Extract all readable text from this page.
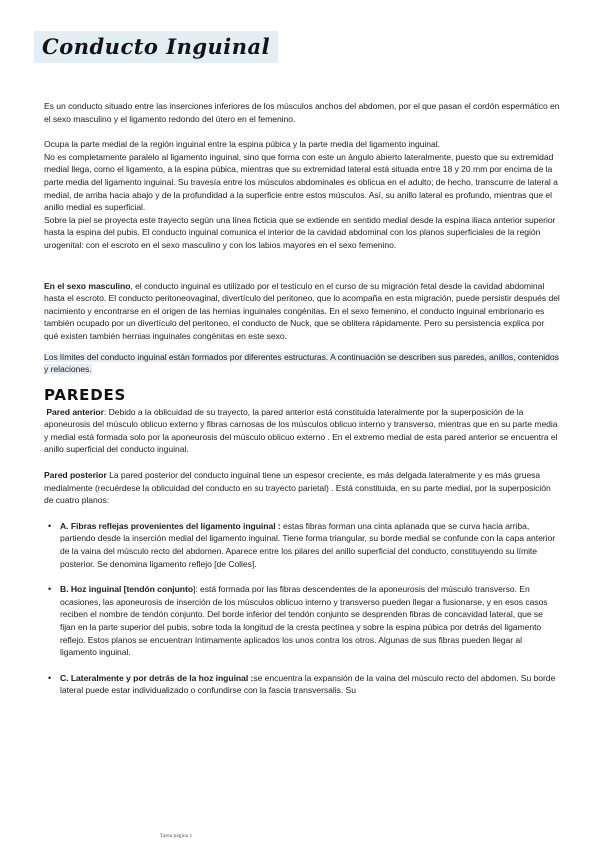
Conducto Inguinal

Es un conducto situado entre las inserciones inferiores de los músculos anchos del abdomen, por el que pasan el cordón espermático en el sexo masculino y el ligamento redondo del útero en el femenino.

Ocupa la parte medial de la región inguinal entre la espina púbica y la parte media del ligamento inguinal.

No es completamente paralelo al ligamento inguinal, sino que forma con este un ángulo abierto lateralmente, puesto que su extremidad medial llega, como el ligamento, a la espina púbica, mientras que su extremidad lateral está situada entre 18 y 20 mm por encima de la parte media del ligamento inguinal. Su travesía entre los músculos abdominales es oblicua en el adulto; de hecho, transcurre de lateral a medial, de arriba hacia abajo y de la profundidad a la superficie entre estos músculos. Así, su anillo lateral es profundo, mientras que el anillo medial es superficial.

Sobre la piel se proyecta este trayecto según una línea ficticia que se extiende en sentido medial desde la espina iliaca anterior superior hasta la espina del pubis. El conducto inguinal comunica el interior de la cavidad abdominal con los planos superficiales de la región urogenital: con el escroto en el sexo masculino y con los labios mayores en el sexo femenino.

En el sexo masculino, el conducto inguinal es utilizado por el testículo en el curso de su migración fetal desde la cavidad abdominal hasta el escroto. El conducto peritoneovaginal, divertículo del peritoneo, que lo acompaña en esta migración, puede persistir después del nacimiento y encontrarse en el origen de las hernias inguinales congénitas. En el sexo femenino, el conducto inguinal embrionario es también ocupado por un divertículo del peritoneo, el conducto de Nuck, que se oblitera rápidamente. Pero su persistencia explica por qué existen también hernias inguinales congénitas en este sexo.

Los límites del conducto inguinal están formados por diferentes estructuras. A continuación se describen sus paredes, anillos, contenidos y relaciones.

PAREDES

Pared anterior: Debido a la oblicuidad de su trayecto, la pared anterior está constituida lateralmente por la superposición de la aponeurosis del músculo oblicuo externo y fibras carnosas de los músculos oblicuo interno y transverso, mientras que en su parte media y medial está formada solo por la aponeurosis del músculo oblicuo externo . En el extremo medial de esta pared anterior se encuentra el anillo superficial del conducto inguinal.

Pared posterior La pared posterior del conducto inguinal tiene un espesor creciente, es más delgada lateralmente y es más gruesa medialmente (recuérdese la oblicuidad del conducto en su trayecto parietal) . Está constituida, en su parte medial, por la superposición de cuatro planos:

• A. Fibras reflejas provenientes del ligamento inguinal : estas fibras forman una cinta aplanada que se curva hacia arriba, partiendo desde la inserción medial del ligamento inguinal. Tiene forma triangular, su borde medial se confunde con la capa anterior de la vaina del músculo recto del abdomen. Aparece entre los pilares del anillo superficial del conducto, constituyendo su límite posterior. Se denomina ligamento reflejo [de Colles].

• B. Hoz inguinal [tendón conjunto]: está formada por las fibras descendentes de la aponeurosis del músculo transverso. En ocasiones, las aponeurosis de inserción de los músculos oblicuo interno y transverso pueden llegar a fusionarse, y en esos casos reciben el nombre de tendón conjunto. Del borde inferior del tendón conjunto se desprenden fibras de concavidad lateral, que se fijan en la parte superior del pubis, sobre toda la longitud de la cresta pectínea y sobre la espina púbica por detrás del ligamento reflejo. Estos planos se encuentran íntimamente aplicados los unos contra los otros. Algunas de sus fibras pueden llegar al ligamento inguinal.

• C. Lateralmente y por detrás de la hoz inguinal :se encuentra la expansión de la vaina del músculo recto del abdomen. Su borde lateral puede estar individualizado o confundirse con la fascia transversalis. Su

Tarea página 1
